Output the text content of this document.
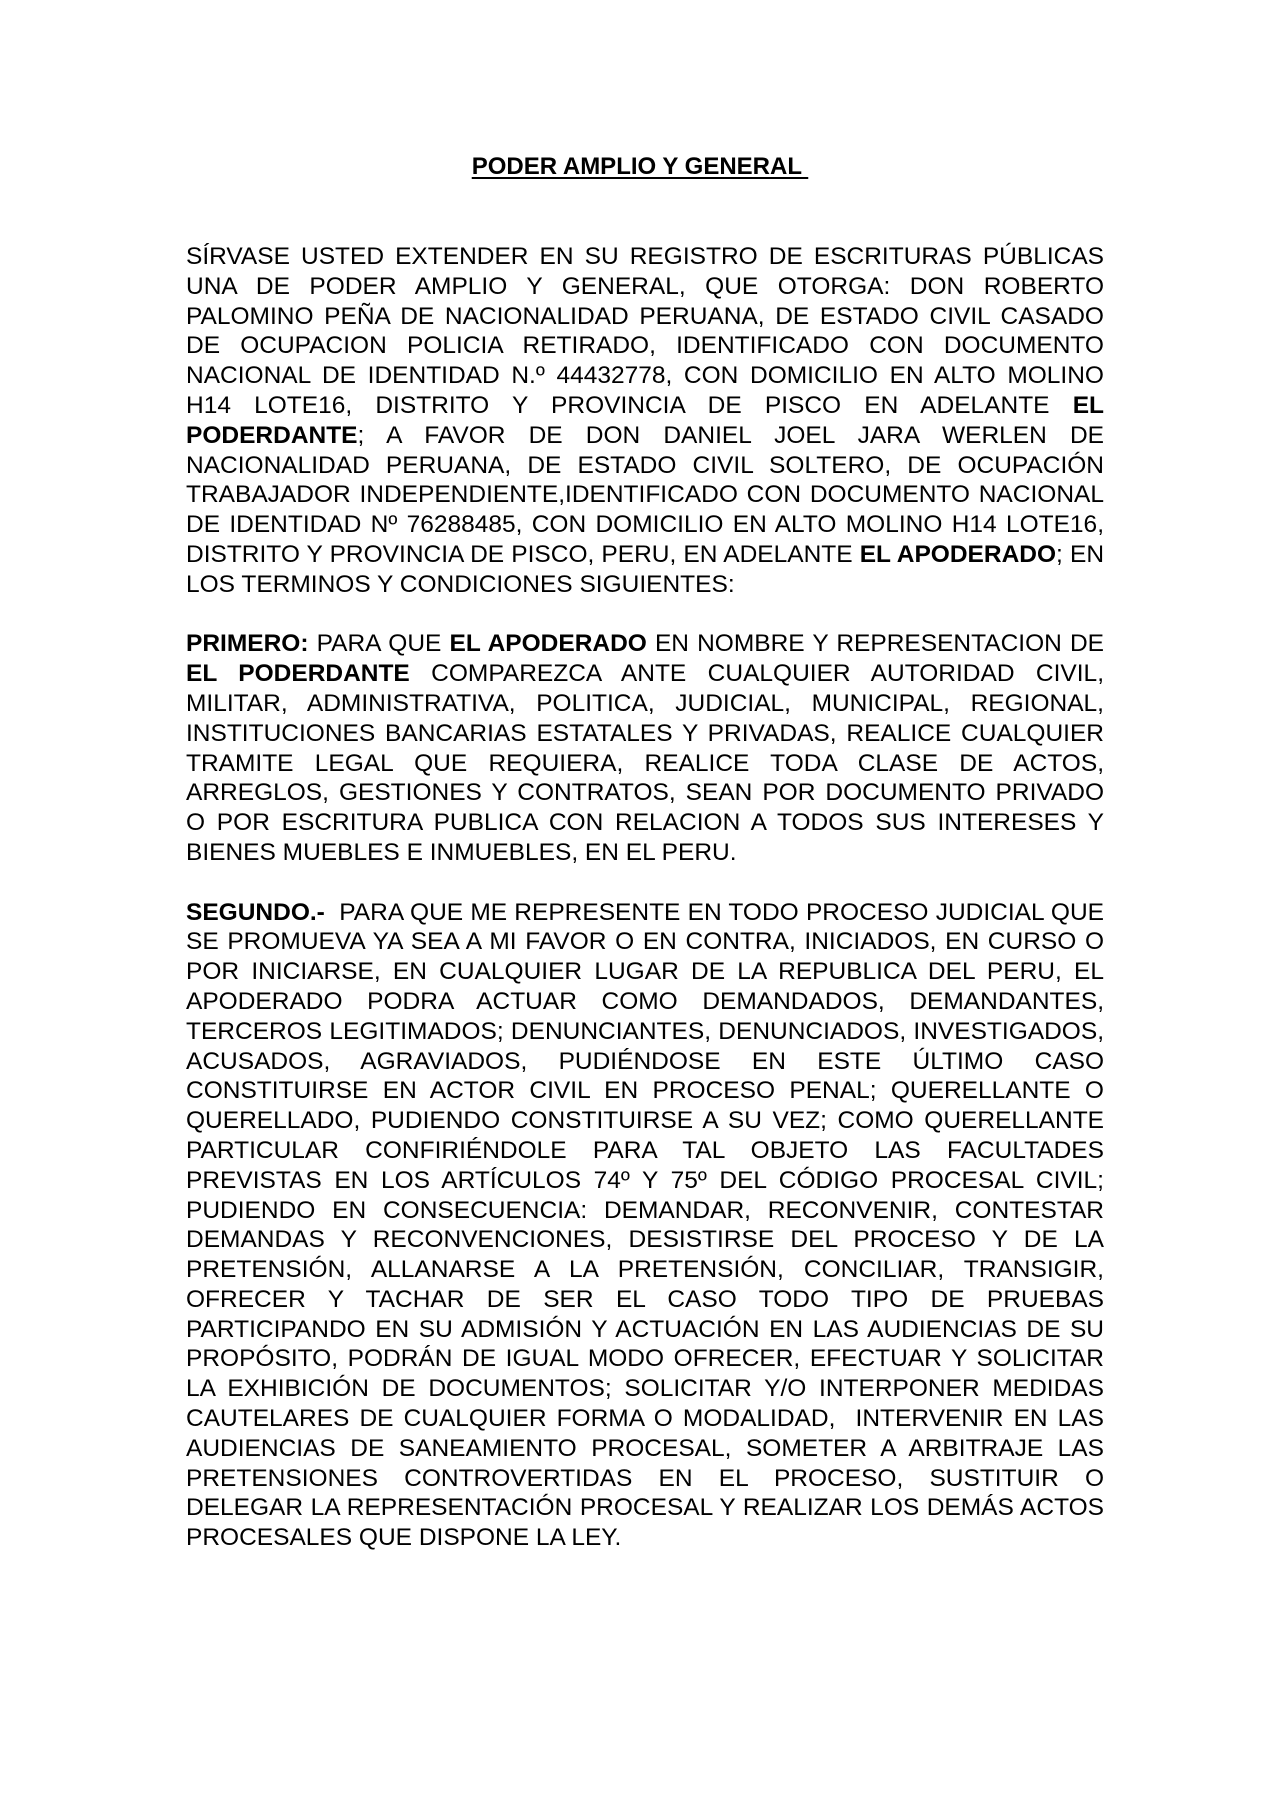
PODER AMPLIO Y GENERAL

SÍRVASE USTED EXTENDER EN SU REGISTRO DE ESCRITURAS PÚBLICAS UNA DE PODER AMPLIO Y GENERAL, QUE OTORGA: DON ROBERTO PALOMINO PEÑA DE NACIONALIDAD PERUANA, DE ESTADO CIVIL CASADO DE OCUPACION POLICIA RETIRADO, IDENTIFICADO CON DOCUMENTO NACIONAL DE IDENTIDAD N.º 44432778, CON DOMICILIO EN ALTO MOLINO H14 LOTE16, DISTRITO Y PROVINCIA DE PISCO EN ADELANTE EL PODERDANTE; A FAVOR DE DON DANIEL JOEL JARA WERLEN DE NACIONALIDAD PERUANA, DE ESTADO CIVIL SOLTERO, DE OCUPACIÓN TRABAJADOR INDEPENDIENTE,IDENTIFICADO CON DOCUMENTO NACIONAL DE IDENTIDAD Nº 76288485, CON DOMICILIO EN ALTO MOLINO H14 LOTE16, DISTRITO Y PROVINCIA DE PISCO, PERU, EN ADELANTE EL APODERADO; EN LOS TERMINOS Y CONDICIONES SIGUIENTES:

PRIMERO: PARA QUE EL APODERADO EN NOMBRE Y REPRESENTACION DE EL PODERDANTE COMPAREZCA ANTE CUALQUIER AUTORIDAD CIVIL, MILITAR, ADMINISTRATIVA, POLITICA, JUDICIAL, MUNICIPAL, REGIONAL, INSTITUCIONES BANCARIAS ESTATALES Y PRIVADAS, REALICE CUALQUIER TRAMITE LEGAL QUE REQUIERA, REALICE TODA CLASE DE ACTOS, ARREGLOS, GESTIONES Y CONTRATOS, SEAN POR DOCUMENTO PRIVADO O POR ESCRITURA PUBLICA CON RELACION A TODOS SUS INTERESES Y BIENES MUEBLES E INMUEBLES, EN EL PERU.

SEGUNDO.-  PARA QUE ME REPRESENTE EN TODO PROCESO JUDICIAL QUE SE PROMUEVA YA SEA A MI FAVOR O EN CONTRA, INICIADOS, EN CURSO O POR INICIARSE, EN CUALQUIER LUGAR DE LA REPUBLICA DEL PERU, EL APODERADO PODRA ACTUAR COMO DEMANDADOS, DEMANDANTES, TERCEROS LEGITIMADOS; DENUNCIANTES, DENUNCIADOS, INVESTIGADOS, ACUSADOS, AGRAVIADOS, PUDIÉNDOSE EN ESTE ÚLTIMO CASO CONSTITUIRSE EN ACTOR CIVIL EN PROCESO PENAL; QUERELLANTE O QUERELLADO, PUDIENDO CONSTITUIRSE A SU VEZ; COMO QUERELLANTE PARTICULAR CONFIRIÉNDOLE PARA TAL OBJETO LAS FACULTADES PREVISTAS EN LOS ARTÍCULOS 74º Y 75º DEL CÓDIGO PROCESAL CIVIL; PUDIENDO EN CONSECUENCIA: DEMANDAR, RECONVENIR, CONTESTAR DEMANDAS Y RECONVENCIONES, DESISTIRSE DEL PROCESO Y DE LA PRETENSIÓN, ALLANARSE A LA PRETENSIÓN, CONCILIAR, TRANSIGIR, OFRECER Y TACHAR DE SER EL CASO TODO TIPO DE PRUEBAS PARTICIPANDO EN SU ADMISIÓN Y ACTUACIÓN EN LAS AUDIENCIAS DE SU PROPÓSITO, PODRÁN DE IGUAL MODO OFRECER, EFECTUAR Y SOLICITAR LA EXHIBICIÓN DE DOCUMENTOS; SOLICITAR Y/O INTERPONER MEDIDAS CAUTELARES DE CUALQUIER FORMA O MODALIDAD,  INTERVENIR EN LAS AUDIENCIAS DE SANEAMIENTO PROCESAL, SOMETER A ARBITRAJE LAS PRETENSIONES CONTROVERTIDAS EN EL PROCESO, SUSTITUIR O DELEGAR LA REPRESENTACIÓN PROCESAL Y REALIZAR LOS DEMÁS ACTOS PROCESALES QUE DISPONE LA LEY.
